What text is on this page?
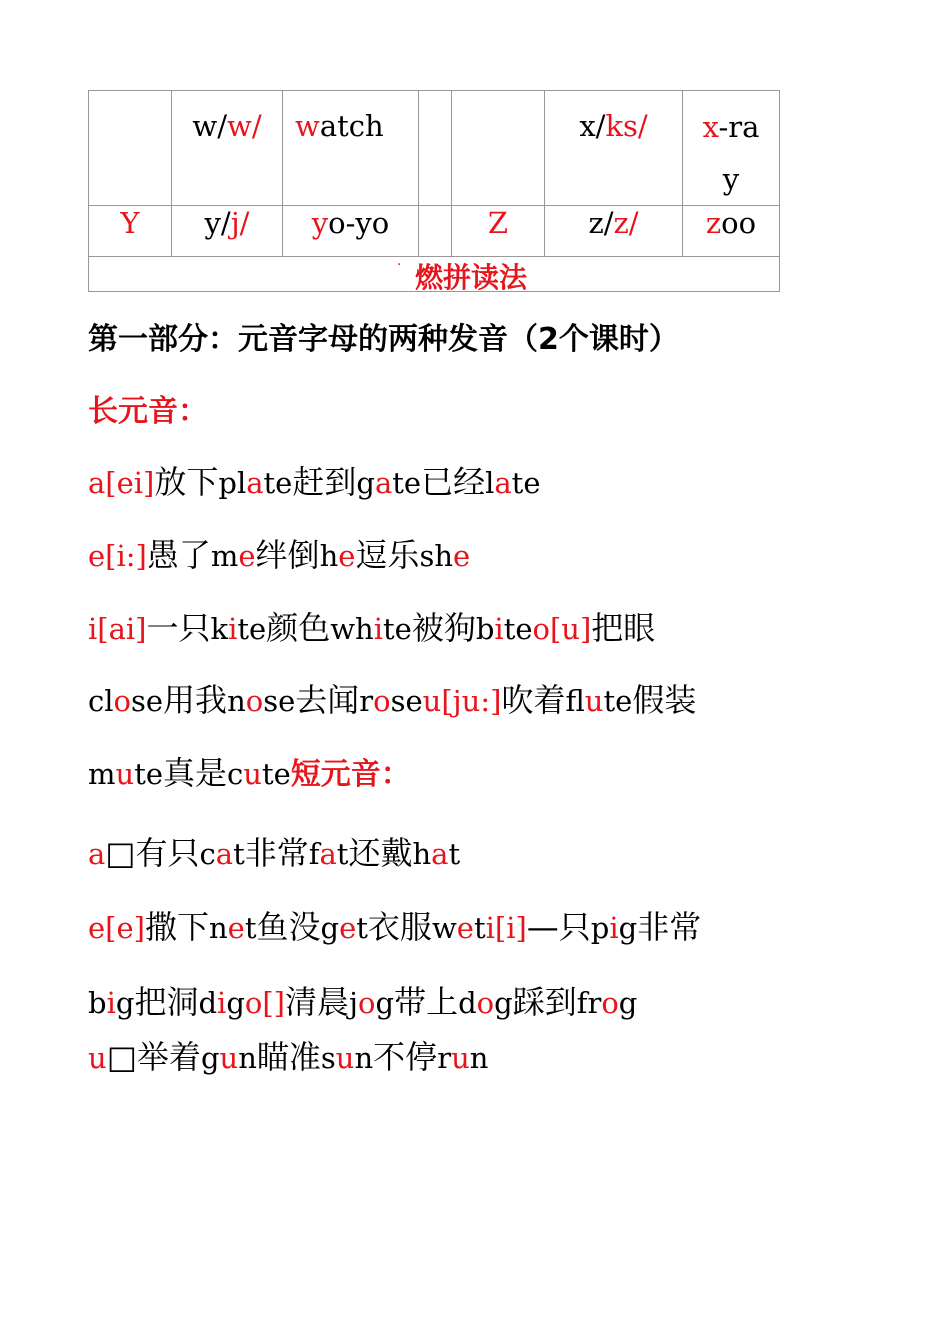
	w/w/	watch			x/ks/	x-ra
y

Y	y/j/	yo-yo		Z	z/z/	zoo

· 燃拼读法						
第一部分：元音字母的两种发音（2个课时）
长元音：
a[ei]放下plate赶到gate已经late
e[i:]愚了me绊倒he逗乐she
i[ai]一只kite颜色white被狗biteo[u]把眼
close用我nose去闻roseu[ju:]吹着flute假装
mute真是cute短元音：
a□有只cat非常fat还戴hat
e[e]撒下net鱼没get衣服weti[i]—只pig非常
big把洞digo[]清晨jog带上dog踩到frog
u□举着gun瞄准sun不停run
